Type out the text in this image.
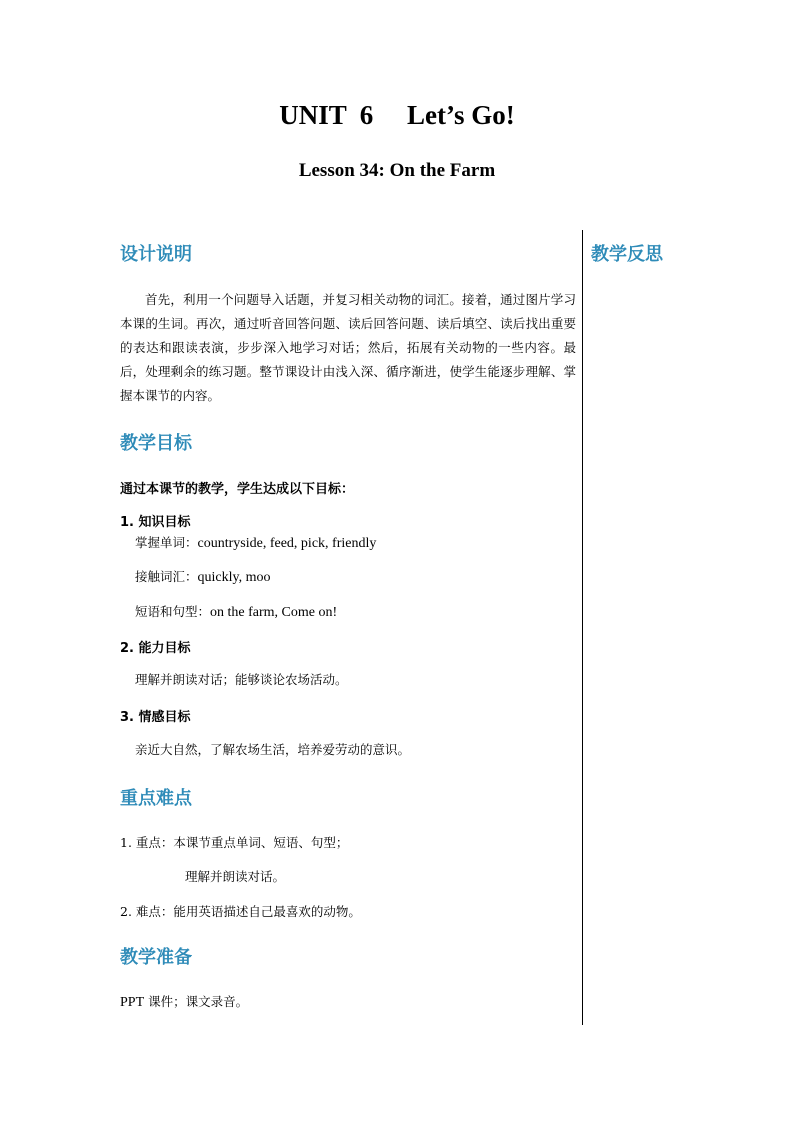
UNIT  6     Let’s Go!
Lesson 34: On the Farm
设计说明
首先，利用一个问题导入话题，并复习相关动物的词汇。接着，通过图片学习本课的生词。再次，通过听音回答问题、读后回答问题、读后填空、读后找出重要的表达和跟读表演，步步深入地学习对话；然后，拓展有关动物的一些内容。最后，处理剩余的练习题。整节课设计由浅入深、循序渐进，使学生能逐步理解、掌握本课节的内容。
教学反思
教学目标
通过本课节的教学，学生达成以下目标：
1. 知识目标
掌握单词：countryside, feed, pick, friendly
接触词汇：quickly, moo
短语和句型：on the farm, Come on!
2. 能力目标
理解并朗读对话；能够谈论农场活动。
3. 情感目标
亲近大自然，了解农场生活，培养爱劳动的意识。
重点难点
1. 重点：本课节重点单词、短语、句型；
理解并朗读对话。
2. 难点：能用英语描述自己最喜欢的动物。
教学准备
PPT 课件；课文录音。
